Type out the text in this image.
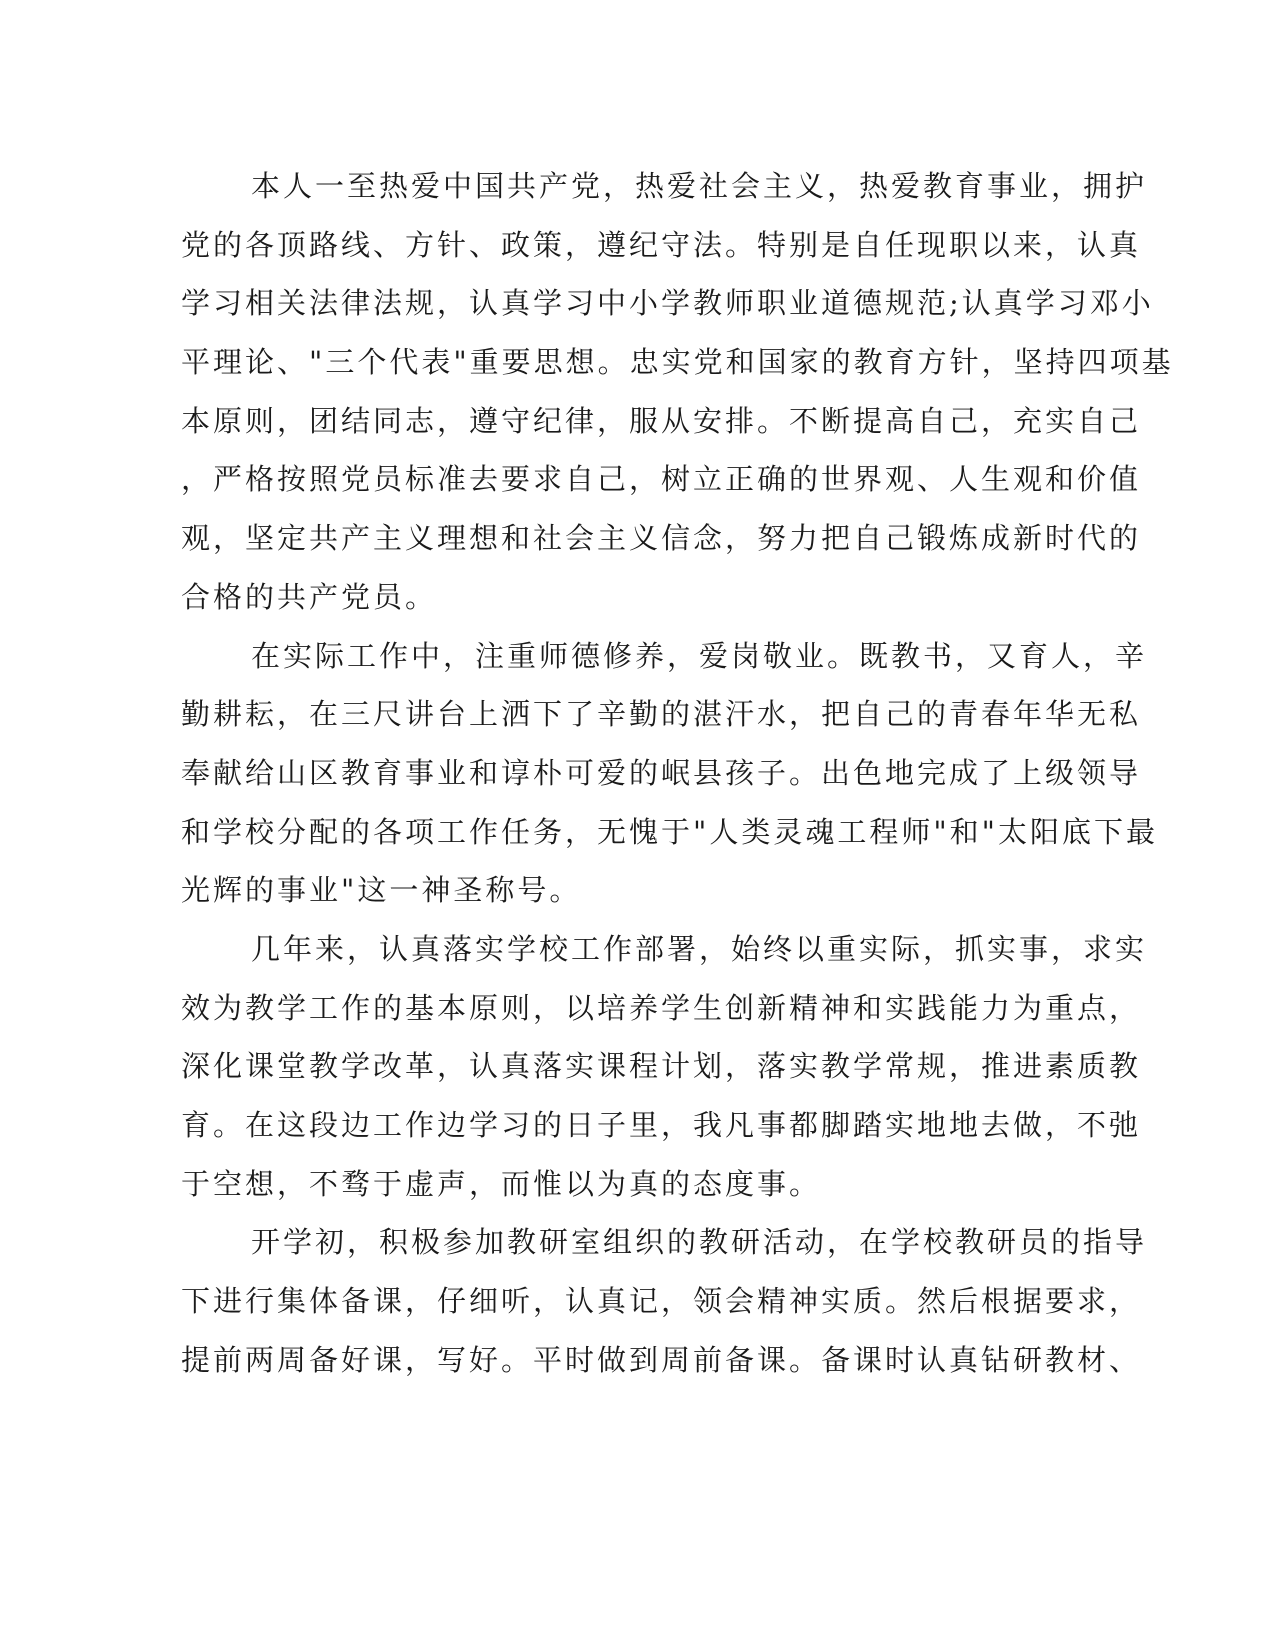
本人一至热爱中国共产党，热爱社会主义，热爱教育事业，拥护
党的各顶路线、方针、政策，遵纪守法。特别是自任现职以来，认真
学习相关法律法规，认真学习中小学教师职业道德规范;认真学习邓小
平理论、"三个代表"重要思想。忠实党和国家的教育方针，坚持四项基
本原则，团结同志，遵守纪律，服从安排。不断提高自己，充实自己
，严格按照党员标准去要求自己，树立正确的世界观、人生观和价值
观，坚定共产主义理想和社会主义信念，努力把自己锻炼成新时代的
合格的共产党员。
在实际工作中，注重师德修养，爱岗敬业。既教书，又育人，辛
勤耕耘，在三尺讲台上洒下了辛勤的湛汗水，把自己的青春年华无私
奉献给山区教育事业和谆朴可爱的岷县孩子。出色地完成了上级领导
和学校分配的各项工作任务，无愧于"人类灵魂工程师"和"太阳底下最
光辉的事业"这一神圣称号。
几年来，认真落实学校工作部署，始终以重实际，抓实事，求实
效为教学工作的基本原则，以培养学生创新精神和实践能力为重点，
深化课堂教学改革，认真落实课程计划，落实教学常规，推进素质教
育。在这段边工作边学习的日子里，我凡事都脚踏实地地去做，不弛
于空想，不骛于虚声，而惟以为真的态度事。
开学初，积极参加教研室组织的教研活动，在学校教研员的指导
下进行集体备课，仔细听，认真记，领会精神实质。然后根据要求，
提前两周备好课，写好。平时做到周前备课。备课时认真钻研教材、
